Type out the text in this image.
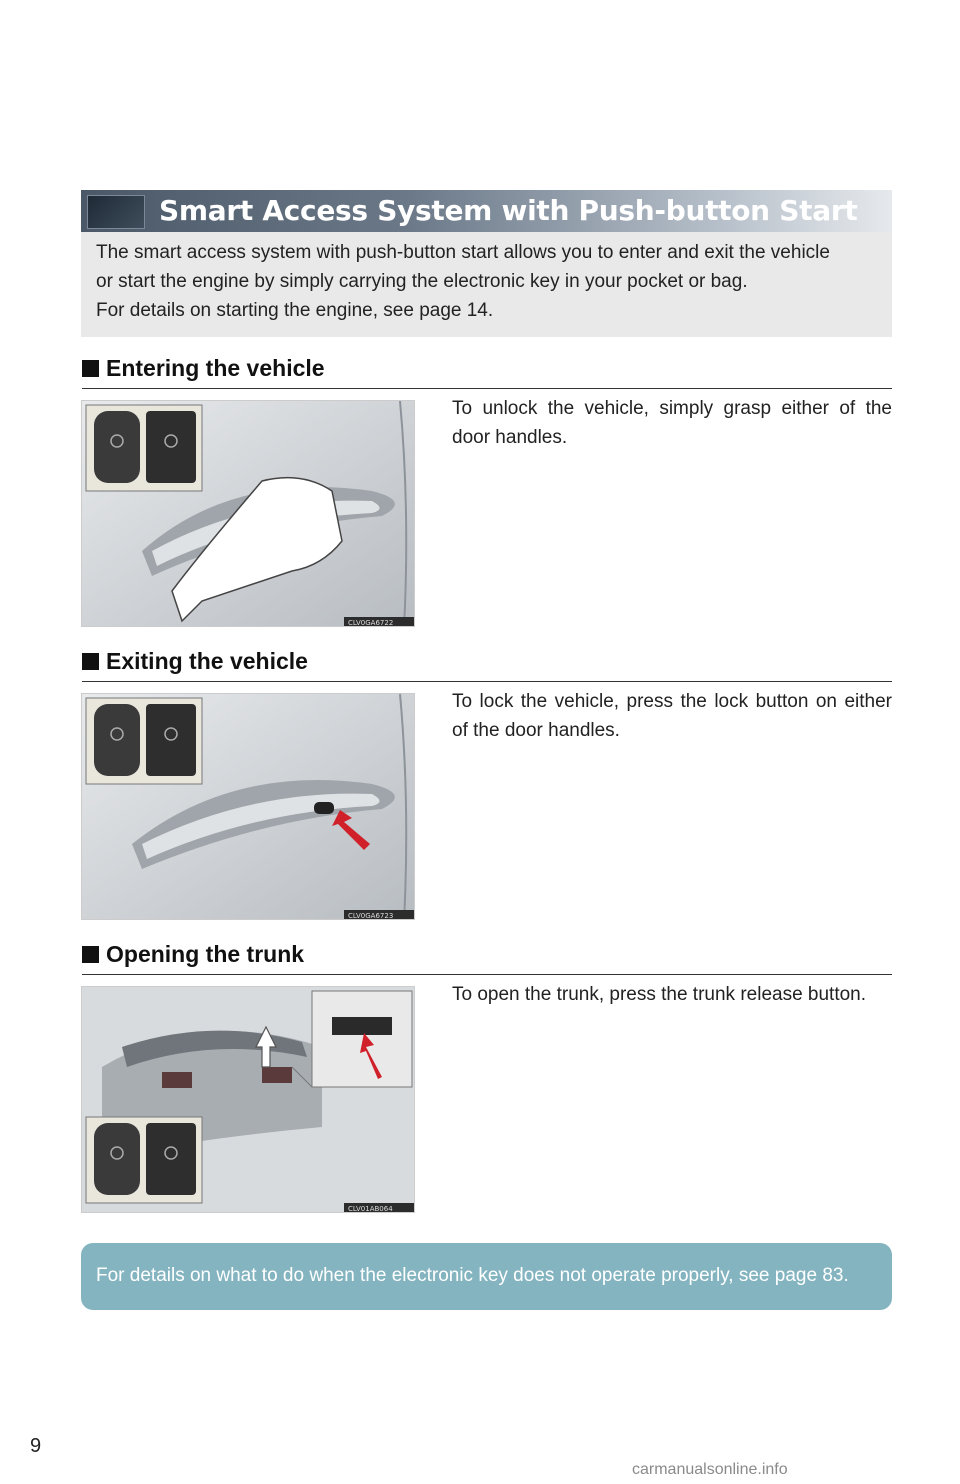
Smart Access System with Push-button Start
The smart access system with push-button start allows you to enter and exit the vehicle
or start the engine by simply carrying the electronic key in your pocket or bag.
For details on starting the engine, see page 14.
Entering the vehicle
CLV0GA6722
To unlock the vehicle, simply grasp either of the door handles.
Exiting the vehicle
CLV0GA6723
To lock the vehicle, press the lock button on either of the door handles.
Opening the trunk
CLV01AB064
To open the trunk, press the trunk release button.
For details on what to do when the electronic key does not operate properly, see page 83.
9
carmanualsonline.info
